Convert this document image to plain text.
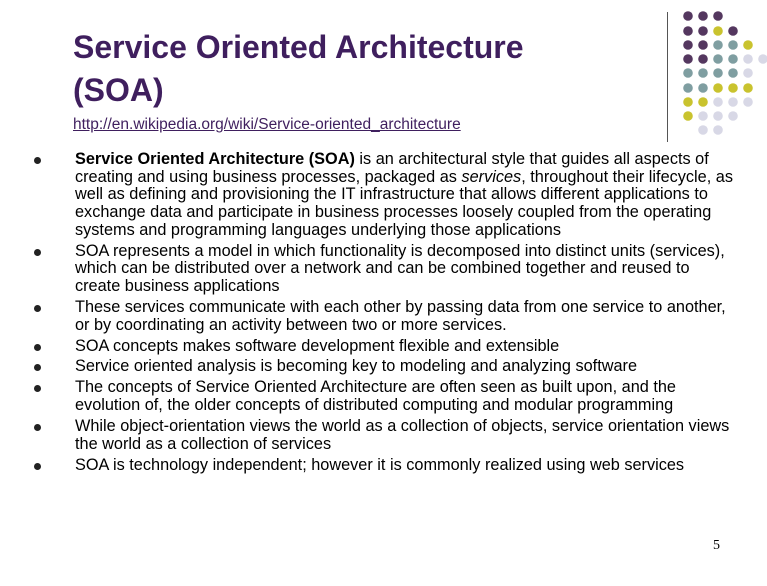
Service Oriented Architecture
(SOA)
http://en.wikipedia.org/wiki/Service-oriented_architecture
Service Oriented Architecture (SOA) is an architectural style that guides all aspects of creating and using business processes, packaged as services, throughout their lifecycle, as well as defining and provisioning the IT infrastructure that allows different applications to exchange data and participate in business processes loosely coupled from the operating systems and programming languages underlying those applications
SOA represents a model in which functionality is decomposed into distinct units (services), which can be distributed over a network and can be combined together and reused to create business applications
These services communicate with each other by passing data from one service to another, or by coordinating an activity between two or more services.
SOA concepts makes software development flexible and extensible
Service oriented analysis is becoming key to modeling and analyzing software
The concepts of Service Oriented Architecture are often seen as built upon, and the evolution of, the older concepts of distributed computing and modular programming
While object-orientation views the world as a collection of objects, service orientation views the world as a collection of services
SOA is technology independent; however it is commonly realized using web services
5
